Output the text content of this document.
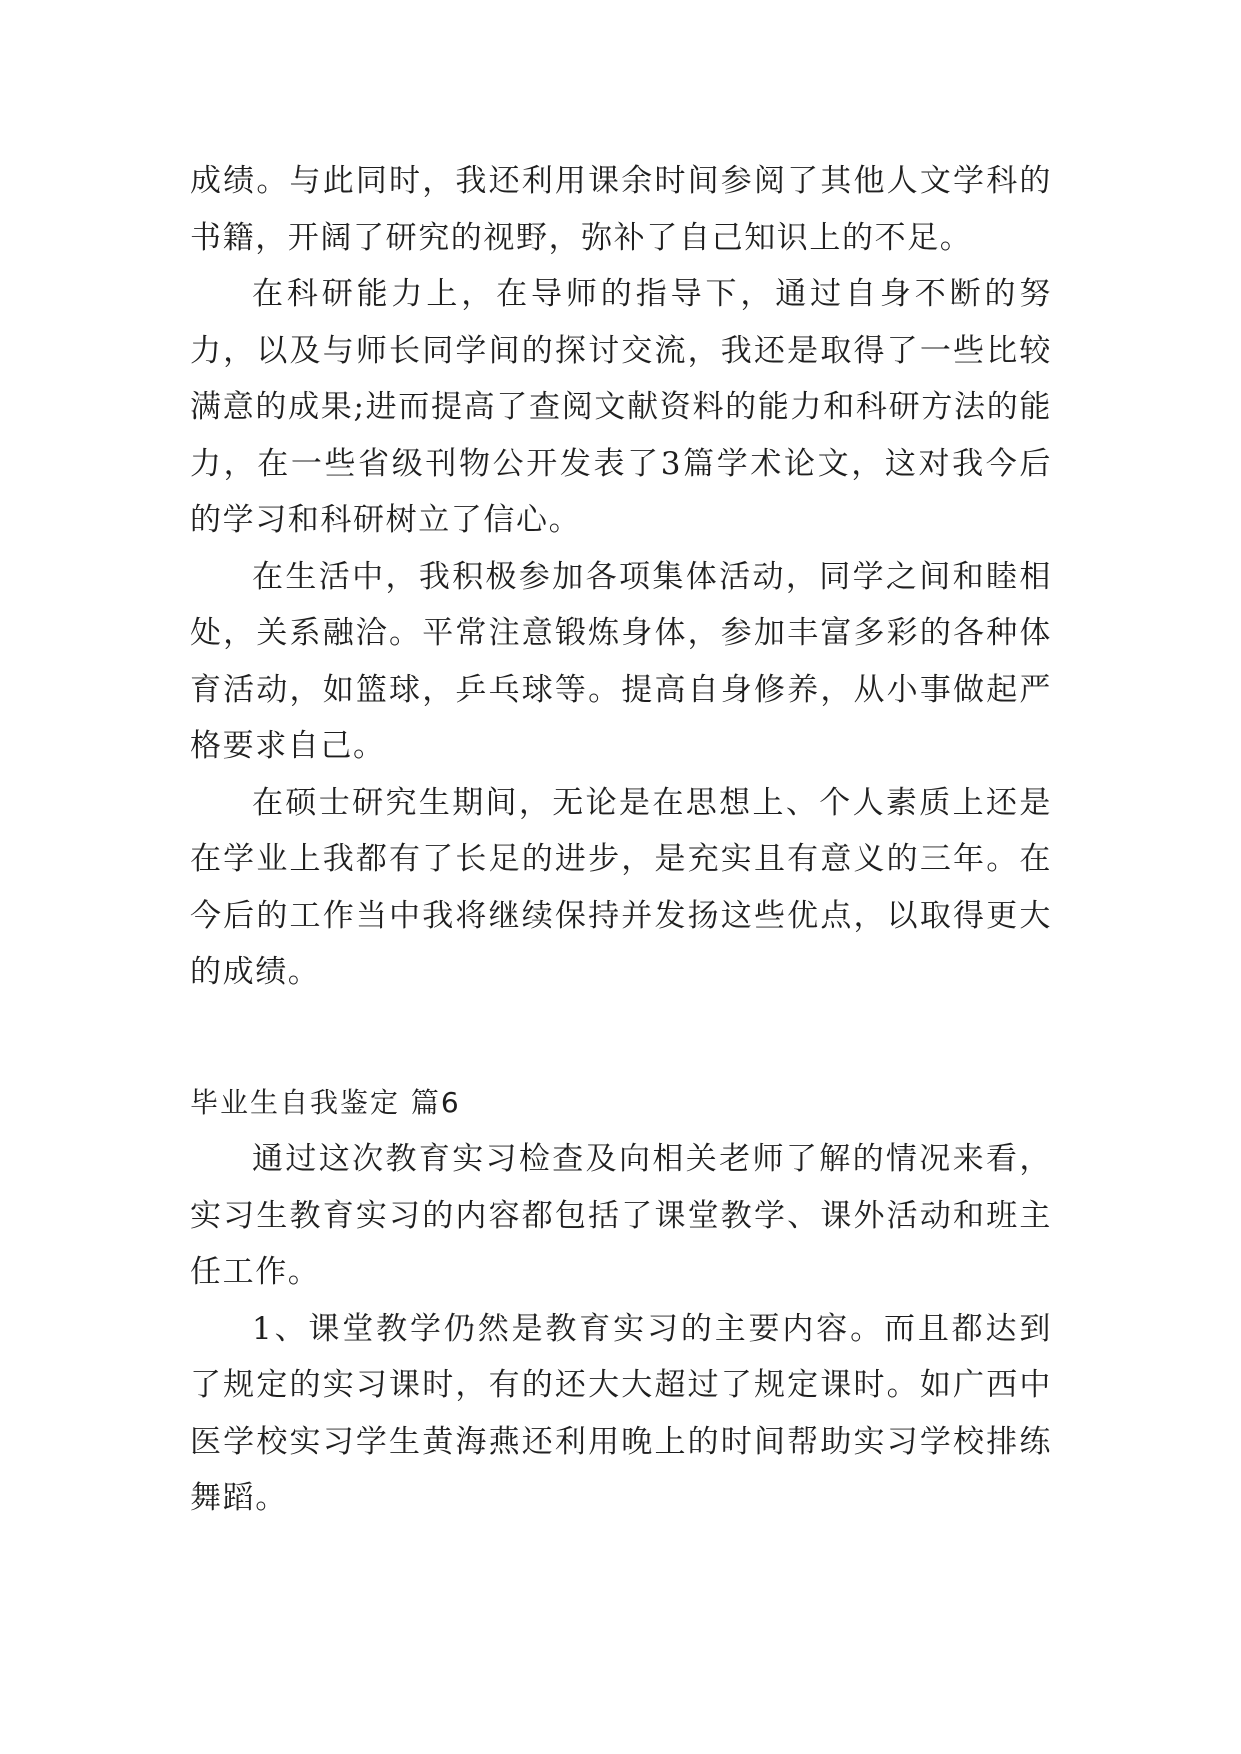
成绩。与此同时，我还利用课余时间参阅了其他人文学科的书籍，开阔了研究的视野，弥补了自己知识上的不足。

在科研能力上，在导师的指导下，通过自身不断的努力，以及与师长同学间的探讨交流，我还是取得了一些比较满意的成果;进而提高了查阅文献资料的能力和科研方法的能力，在一些省级刊物公开发表了3篇学术论文，这对我今后的学习和科研树立了信心。

在生活中，我积极参加各项集体活动，同学之间和睦相处，关系融洽。平常注意锻炼身体，参加丰富多彩的各种体育活动，如篮球，乒乓球等。提高自身修养，从小事做起严格要求自己。

在硕士研究生期间，无论是在思想上、个人素质上还是在学业上我都有了长足的进步，是充实且有意义的三年。在今后的工作当中我将继续保持并发扬这些优点，以取得更大的成绩。

毕业生自我鉴定 篇6

通过这次教育实习检查及向相关老师了解的情况来看，实习生教育实习的内容都包括了课堂教学、课外活动和班主任工作。

1、课堂教学仍然是教育实习的主要内容。而且都达到了规定的实习课时，有的还大大超过了规定课时。如广西中医学校实习学生黄海燕还利用晚上的时间帮助实习学校排练舞蹈。
